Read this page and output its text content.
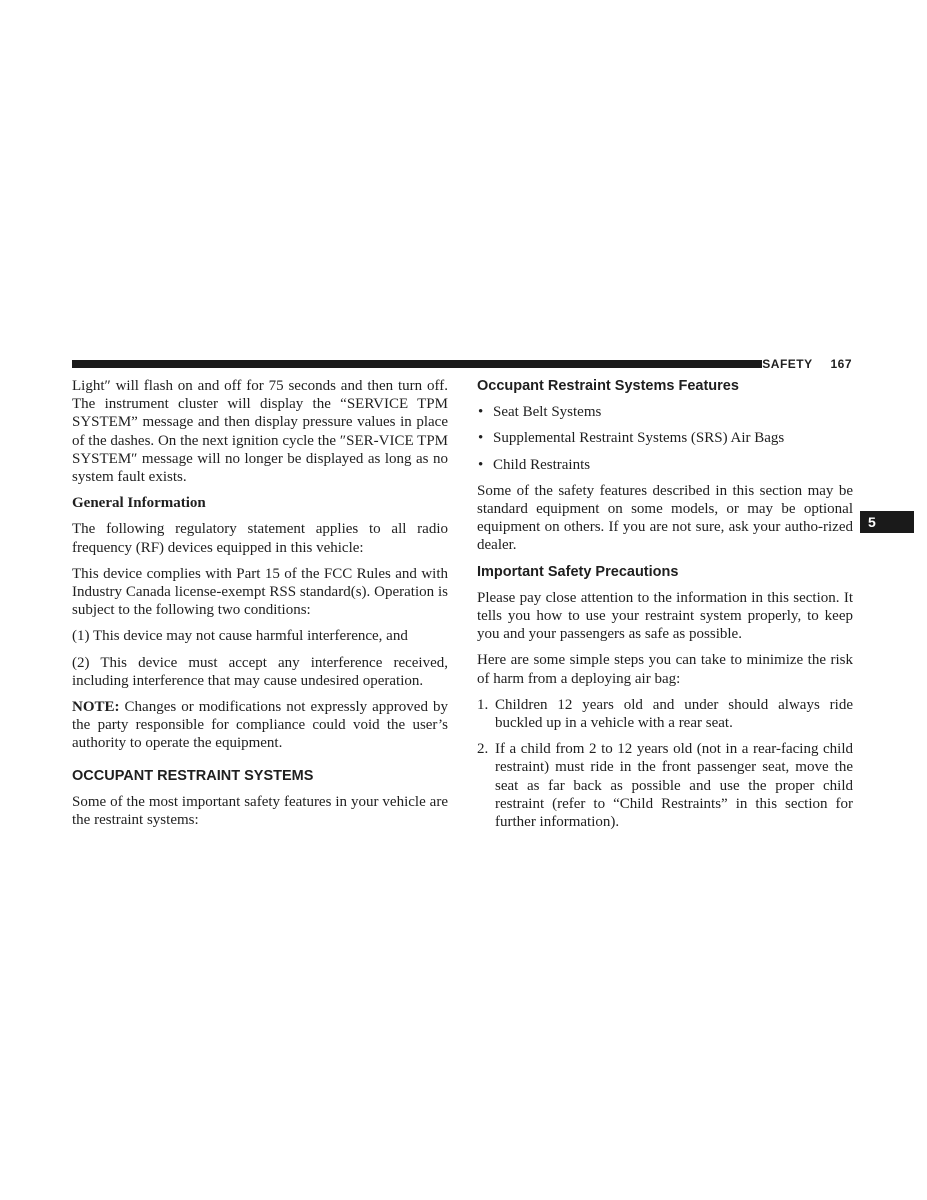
SAFETY 167
5

Light″ will flash on and off for 75 seconds and then turn off. The instrument cluster will display the “SERVICE TPM SYSTEM” message and then display pressure values in place of the dashes. On the next ignition cycle the ″SER-VICE TPM SYSTEM″ message will no longer be displayed as long as no system fault exists.

General Information

The following regulatory statement applies to all radio frequency (RF) devices equipped in this vehicle:

This device complies with Part 15 of the FCC Rules and with Industry Canada license-exempt RSS standard(s). Operation is subject to the following two conditions:

(1) This device may not cause harmful interference, and

(2) This device must accept any interference received, including interference that may cause undesired operation.

NOTE: Changes or modifications not expressly approved by the party responsible for compliance could void the user’s authority to operate the equipment.

OCCUPANT RESTRAINT SYSTEMS

Some of the most important safety features in your vehicle are the restraint systems:

Occupant Restraint Systems Features
• Seat Belt Systems
• Supplemental Restraint Systems (SRS) Air Bags
• Child Restraints

Some of the safety features described in this section may be standard equipment on some models, or may be optional equipment on others. If you are not sure, ask your autho-rized dealer.

Important Safety Precautions

Please pay close attention to the information in this section. It tells you how to use your restraint system properly, to keep you and your passengers as safe as possible.

Here are some simple steps you can take to minimize the risk of harm from a deploying air bag:

1. Children 12 years old and under should always ride buckled up in a vehicle with a rear seat.
2. If a child from 2 to 12 years old (not in a rear-facing child restraint) must ride in the front passenger seat, move the seat as far back as possible and use the proper child restraint (refer to “Child Restraints” in this section for further information).
